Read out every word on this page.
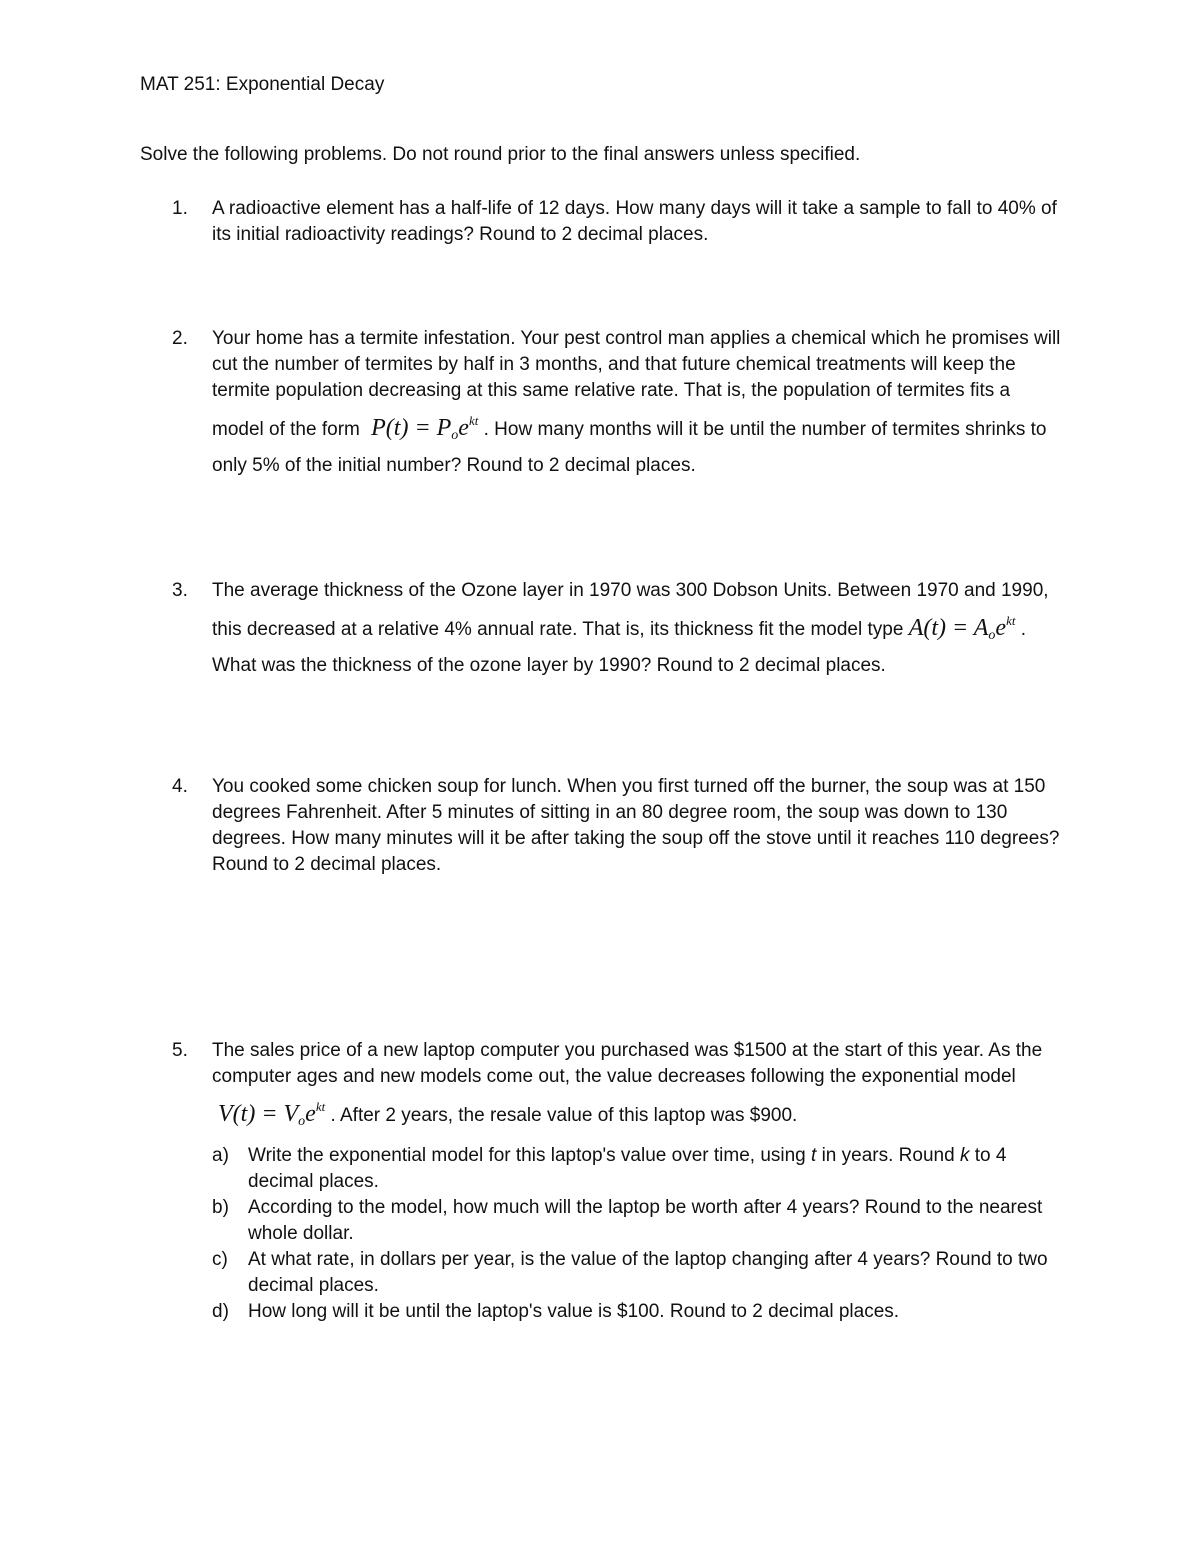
MAT 251: Exponential Decay
Solve the following problems. Do not round prior to the final answers unless specified.
1.	A radioactive element has a half-life of 12 days. How many days will it take a sample to fall to 40% of its initial radioactivity readings? Round to 2 decimal places.
2.	Your home has a termite infestation. Your pest control man applies a chemical which he promises will cut the number of termites by half in 3 months, and that future chemical treatments will keep the termite population decreasing at this same relative rate. That is, the population of termites fits a model of the form $P(t) = P_oe^{kt}$ . How many months will it be until the number of termites shrinks to only 5% of the initial number? Round to 2 decimal places.
3.	The average thickness of the Ozone layer in 1970 was 300 Dobson Units. Between 1970 and 1990, this decreased at a relative 4% annual rate. That is, its thickness fit the model type $A(t) = A_oe^{kt}$ . What was the thickness of the ozone layer by 1990? Round to 2 decimal places.
4.	You cooked some chicken soup for lunch. When you first turned off the burner, the soup was at 150 degrees Fahrenheit. After 5 minutes of sitting in an 80 degree room, the soup was down to 130 degrees. How many minutes will it be after taking the soup off the stove until it reaches 110 degrees? Round to 2 decimal places.
5.	The sales price of a new laptop computer you purchased was $1500 at the start of this year. As the computer ages and new models come out, the value decreases following the exponential model  $V(t) = V_oe^{kt}$ . After 2 years, the resale value of this laptop was $900.
a) Write the exponential model for this laptop's value over time, using t in years. Round k to 4 decimal places.
b) According to the model, how much will the laptop be worth after 4 years? Round to the nearest whole dollar.
c) At what rate, in dollars per year, is the value of the laptop changing after 4 years? Round to two decimal places.
d) How long will it be until the laptop's value is $100. Round to 2 decimal places.
